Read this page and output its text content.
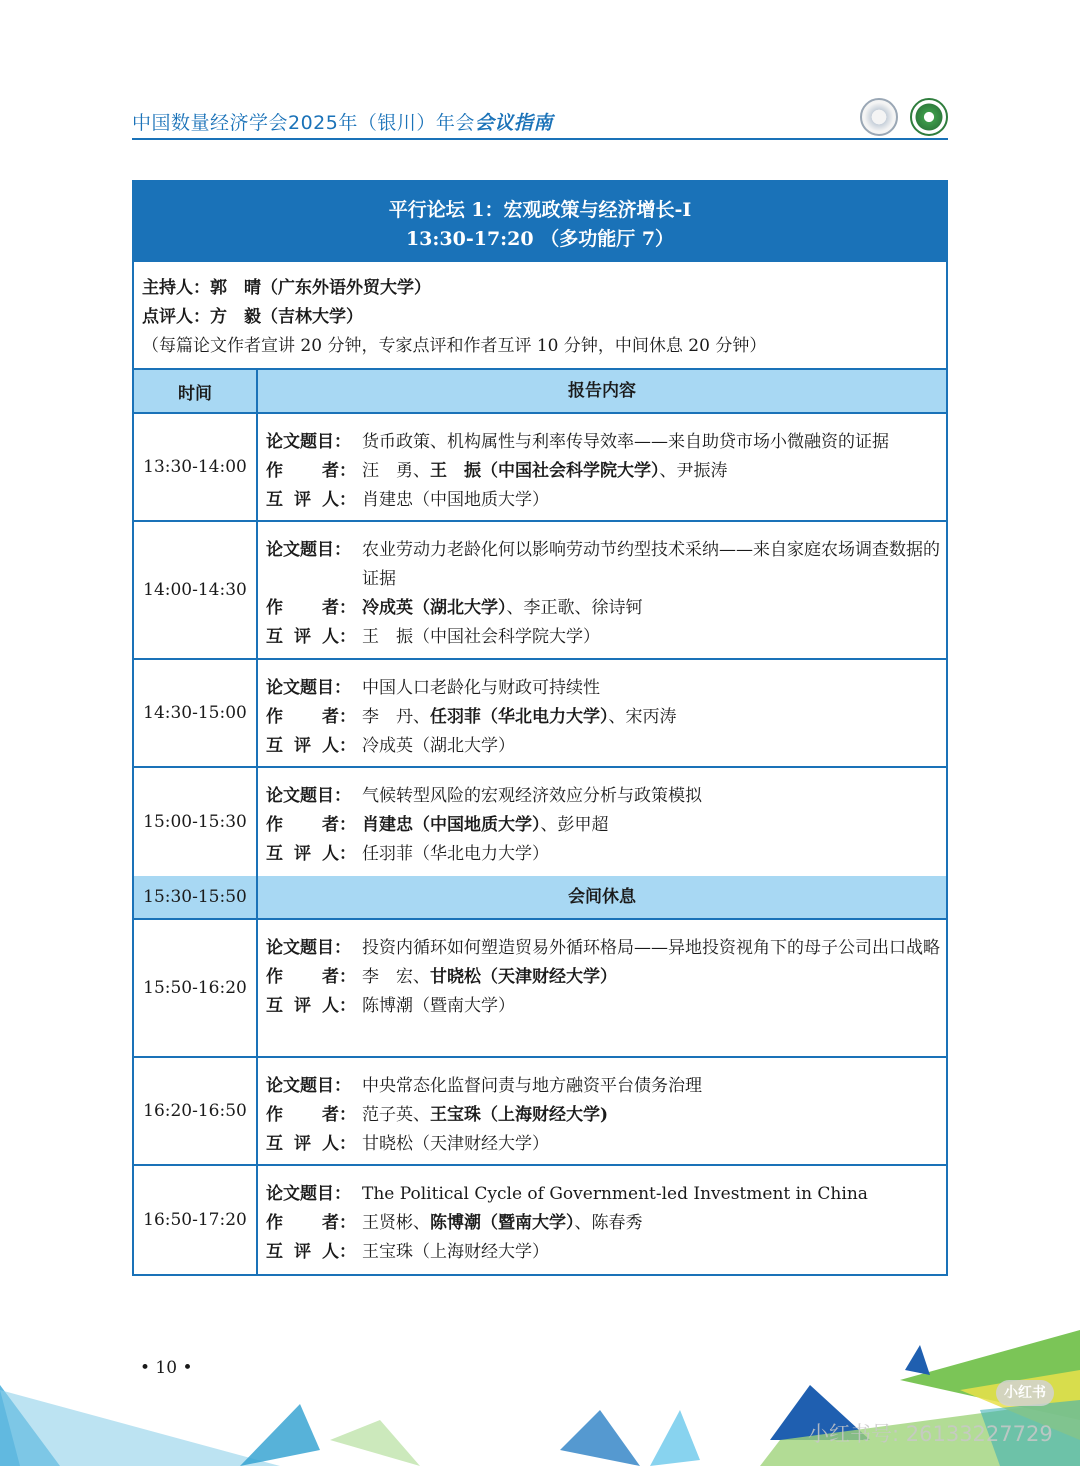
中国数量经济学会2025年（银川）年会会议指南
平行论坛 1：宏观政策与经济增长-I
13:30-17:20 （多功能厅 7）
主持人：郭　 晴（广东外语外贸大学）
点评人：方　 毅（吉林大学）
（每篇论文作者宣讲 20 分钟，专家点评和作者互评 10 分钟，中间休息 20 分钟）
时间	报告内容
13:30-14:00
论文题目： 货币政策、机构属性与利率传导效率——来自助贷市场小微融资的证据
作 者： 汪　勇、王　振（中国社会科学院大学）、尹振涛
互 评 人： 肖建忠（中国地质大学）
14:00-14:30
论文题目： 农业劳动力老龄化何以影响劳动节约型技术采纳——来自家庭农场调查数据的证据
作 者： 冷成英（湖北大学）、李正歌、徐诗钶
互 评 人： 王　振（中国社会科学院大学）
14:30-15:00
论文题目： 中国人口老龄化与财政可持续性
作 者： 李　丹、任羽菲（华北电力大学）、宋丙涛
互 评 人： 冷成英（湖北大学）
15:00-15:30
论文题目： 气候转型风险的宏观经济效应分析与政策模拟
作 者： 肖建忠（中国地质大学）、彭甲超
互 评 人： 任羽菲（华北电力大学）
15:30-15:50	会间休息
15:50-16:20
论文题目： 投资内循环如何塑造贸易外循环格局——异地投资视角下的母子公司出口战略
作 者： 李　宏、甘晓松（天津财经大学）
互 评 人： 陈博潮（暨南大学）
16:20-16:50
论文题目： 中央常态化监督问责与地方融资平台债务治理
作 者： 范子英、王宝珠（上海财经大学)
互 评 人： 甘晓松（天津财经大学）
16:50-17:20
论文题目： The Political Cycle of Government-led Investment in China
作 者： 王贤彬、陈博潮（暨南大学）、陈春秀
互 评 人： 王宝珠（上海财经大学）
• 10 •
小红书
小红书号: 2613322​7729
